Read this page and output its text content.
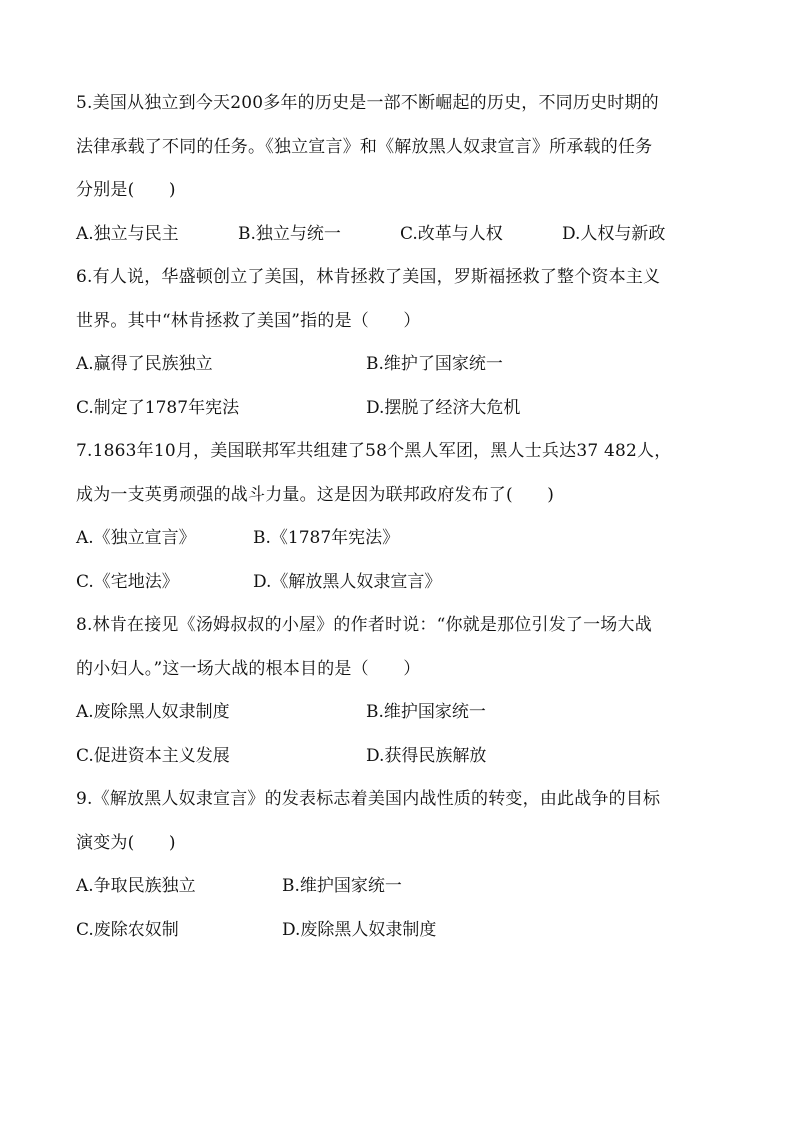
5.美国从独立到今天200多年的历史是一部不断崛起的历史，不同历史时期的
法律承载了不同的任务。《独立宣言》和《解放黑人奴隶宣言》所承载的任务
分别是(　　)
A.独立与民主	B.独立与统一	C.改革与人权	D.人权与新政
6.有人说，华盛顿创立了美国，林肯拯救了美国，罗斯福拯救了整个资本主义
世界。其中“林肯拯救了美国”指的是（　　）
A.赢得了民族独立	B.维护了国家统一
C.制定了1787年宪法	D.摆脱了经济大危机
7.1863年10月，美国联邦军共组建了58个黑人军团，黑人士兵达37 482人，
成为一支英勇顽强的战斗力量。这是因为联邦政府发布了(　　)
A.《独立宣言》	B.《1787年宪法》
C.《宅地法》	D.《解放黑人奴隶宣言》
8.林肯在接见《汤姆叔叔的小屋》的作者时说：“你就是那位引发了一场大战
的小妇人。”这一场大战的根本目的是（　　）
A.废除黑人奴隶制度	B.维护国家统一
C.促进资本主义发展	D.获得民族解放
9.《解放黑人奴隶宣言》的发表标志着美国内战性质的转变，由此战争的目标
演变为(　　)
A.争取民族独立	B.维护国家统一
C.废除农奴制	D.废除黑人奴隶制度
